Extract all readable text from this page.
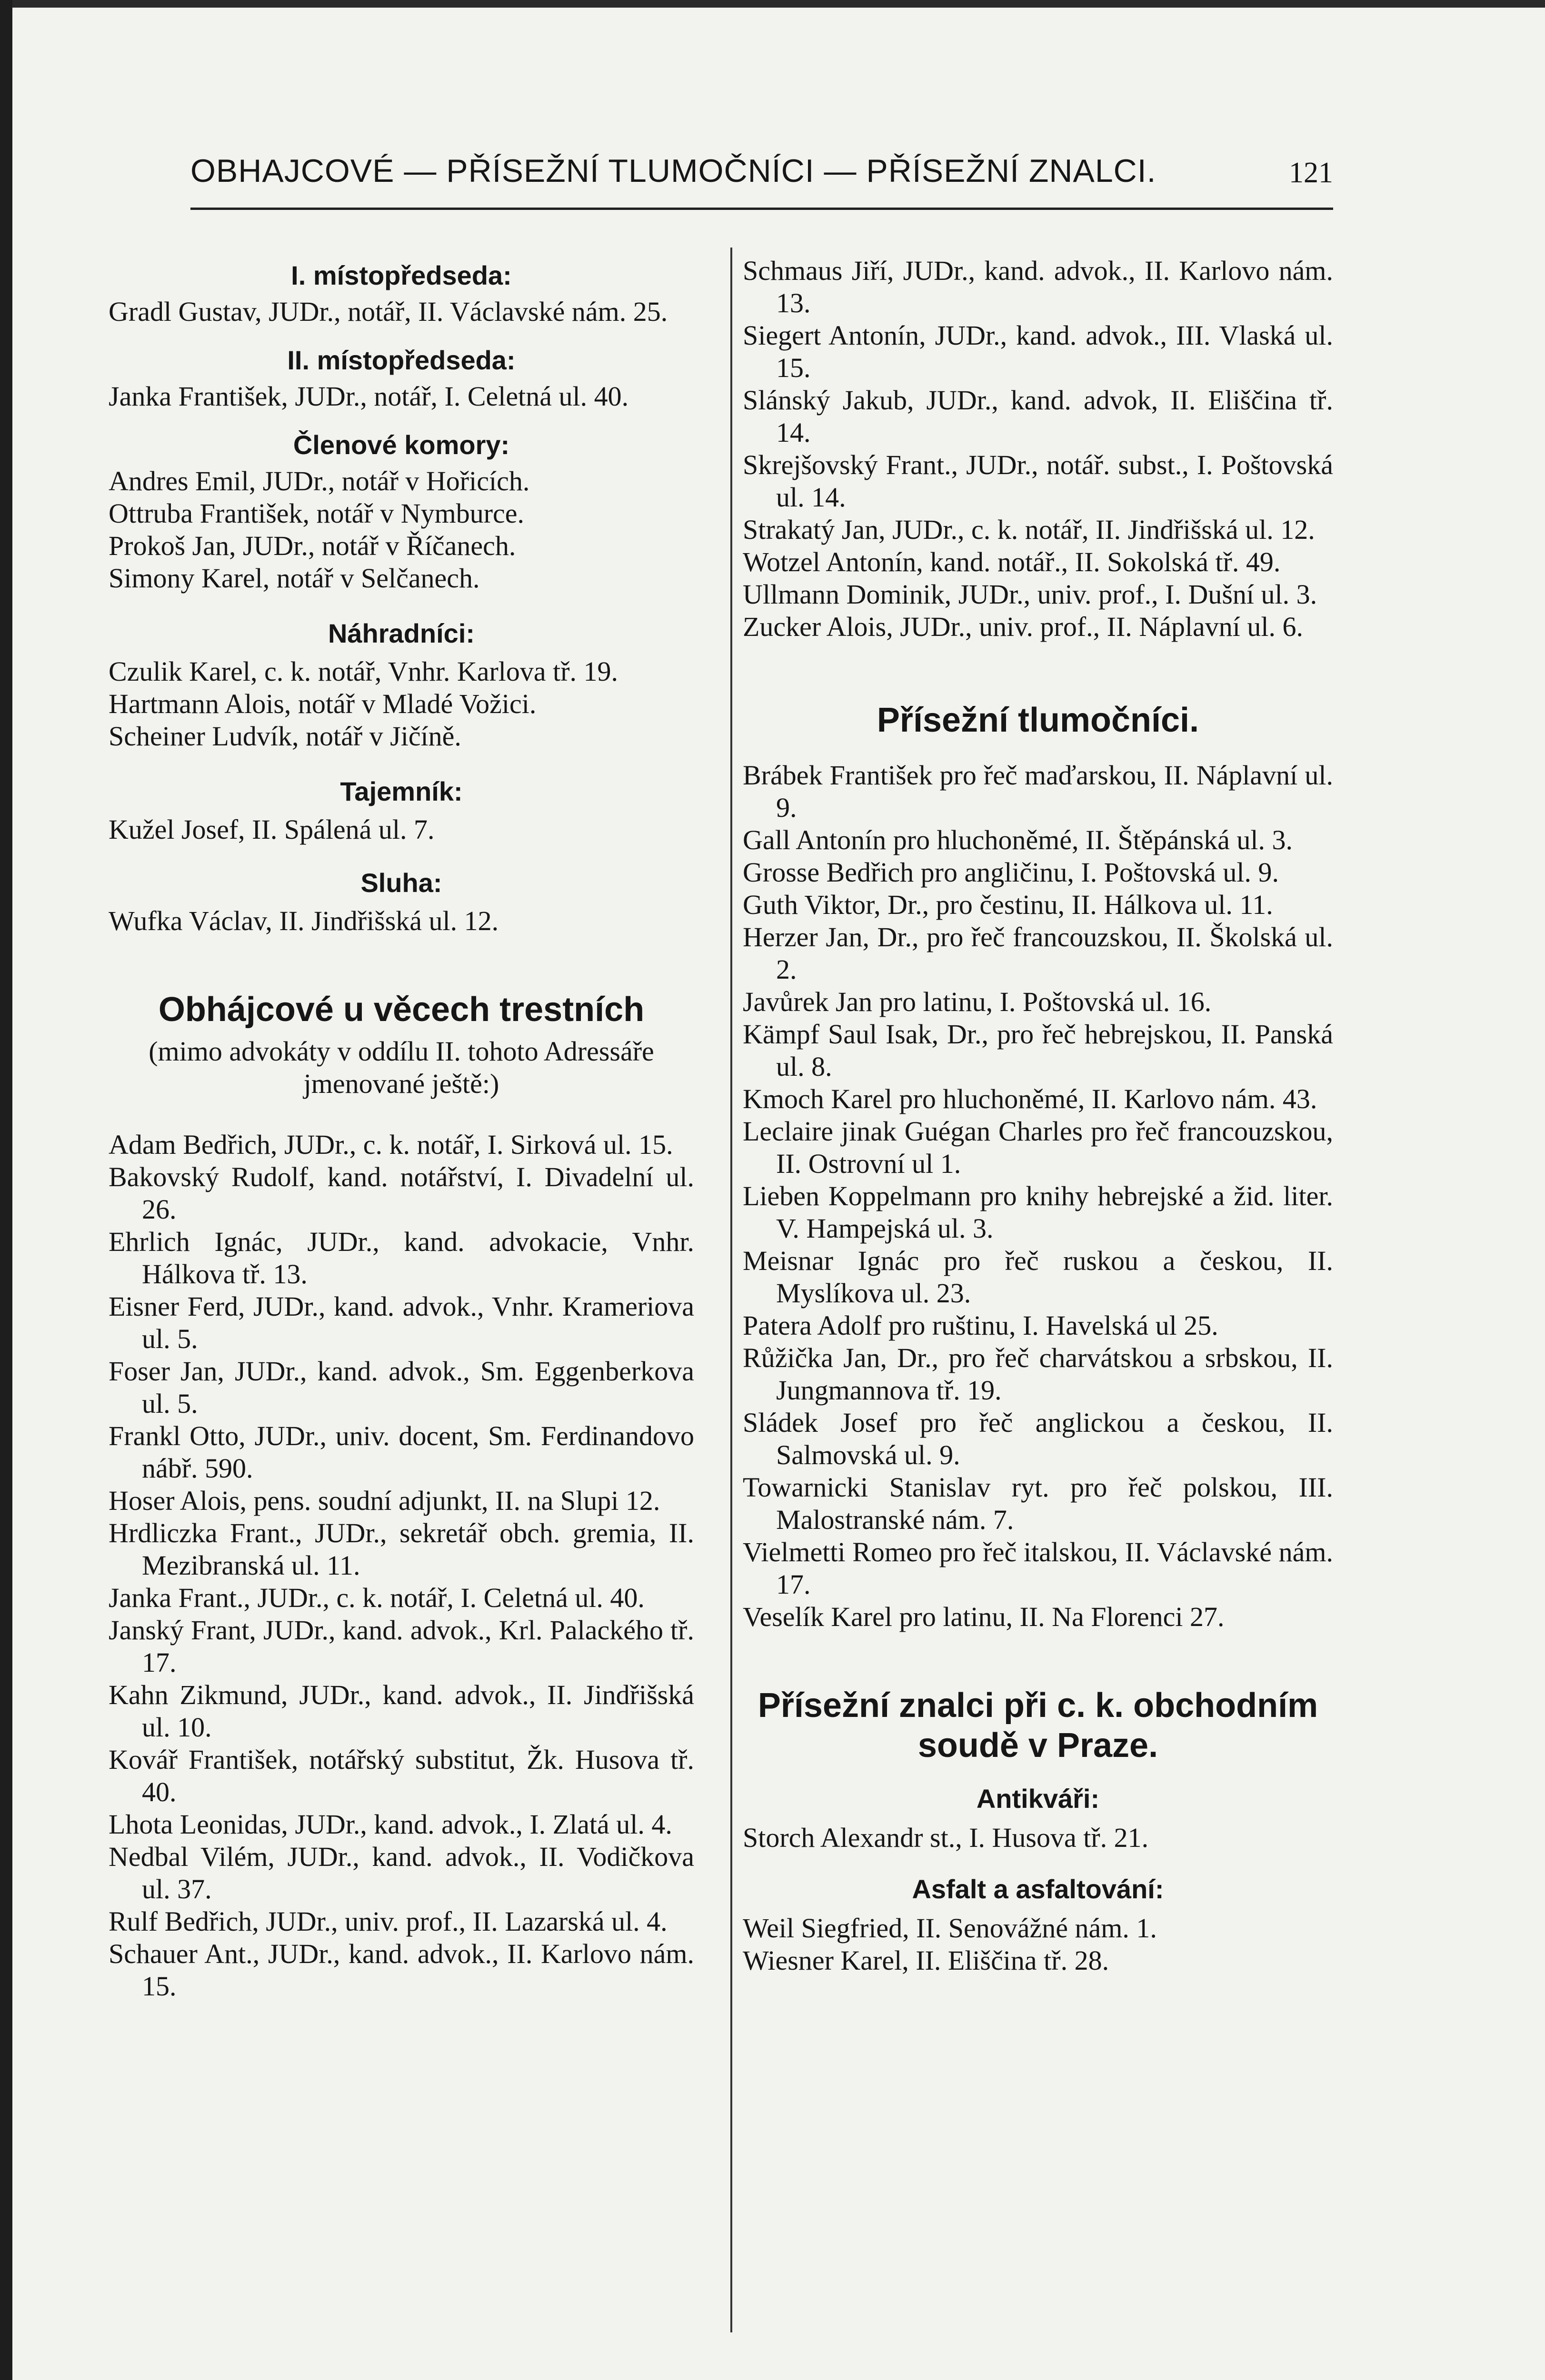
OBHAJCOVÉ — PŘÍSEŽNÍ TLUMOČNÍCI — PŘÍSEŽNÍ ZNALCI.	121

I. místopředseda:

Gradl Gustav, JUDr., notář, II. Václavské nám. 25.

II. místopředseda:

Janka František, JUDr., notář, I. Celetná ul. 40.

Členové komory:

Andres Emil, JUDr., notář v Hořicích.

Ottruba František, notář v Nymburce.

Prokoš Jan, JUDr., notář v Říčanech.

Simony Karel, notář v Selčanech.

Náhradníci:

Czulik Karel, c. k. notář, Vnhr. Karlova tř. 19.

Hartmann Alois, notář v Mladé Vožici.

Scheiner Ludvík, notář v Jičíně.

Tajemník:

Kužel Josef, II. Spálená ul. 7.

Sluha:

Wufka Václav, II. Jindřišská ul. 12.

Obhájcové u věcech trestních

(mimo advokáty v oddílu II. tohoto Adressáře jmenované ještě:)

Adam Bedřich, JUDr., c. k. notář, I. Sirková ul. 15.

Bakovský Rudolf, kand. notářství, I. Divadelní ul. 26.

Ehrlich Ignác, JUDr., kand. advokacie, Vnhr. Hálkova tř. 13.

Eisner Ferd, JUDr., kand. advok., Vnhr. Krameriova ul. 5.

Foser Jan, JUDr., kand. advok., Sm. Eggenberkova ul. 5.

Frankl Otto, JUDr., univ. docent, Sm. Ferdinandovo nábř. 590.

Hoser Alois, pens. soudní adjunkt, II. na Slupi 12.

Hrdliczka Frant., JUDr., sekretář obch. gremia, II. Mezibranská ul. 11.

Janka Frant., JUDr., c. k. notář, I. Celetná ul. 40.

Janský Frant, JUDr., kand. advok., Krl. Palackého tř. 17.

Kahn Zikmund, JUDr., kand. advok., II. Jindřišská ul. 10.

Kovář František, notářský substitut, Žk. Husova tř. 40.

Lhota Leonidas, JUDr., kand. advok., I. Zlatá ul. 4.

Nedbal Vilém, JUDr., kand. advok., II. Vodičkova ul. 37.

Rulf Bedřich, JUDr., univ. prof., II. Lazarská ul. 4.

Schauer Ant., JUDr., kand. advok., II. Karlovo nám. 15.

Schmaus Jiří, JUDr., kand. advok., II. Karlovo nám. 13.

Siegert Antonín, JUDr., kand. advok., III. Vlaská ul. 15.

Slánský Jakub, JUDr., kand. advok, II. Eliščina tř. 14.

Skrejšovský Frant., JUDr., notář. subst., I. Poštovská ul. 14.

Strakatý Jan, JUDr., c. k. notář, II. Jindřišská ul. 12.

Wotzel Antonín, kand. notář., II. Sokolská tř. 49.

Ullmann Dominik, JUDr., univ. prof., I. Dušní ul. 3.

Zucker Alois, JUDr., univ. prof., II. Náplavní ul. 6.

Přísežní tlumočníci.

Brábek František pro řeč maďarskou, II. Náplavní ul. 9.

Gall Antonín pro hluchoněmé, II. Štěpánská ul. 3.

Grosse Bedřich pro angličinu, I. Poštovská ul. 9.

Guth Viktor, Dr., pro čestinu, II. Hálkova ul. 11.

Herzer Jan, Dr., pro řeč francouzskou, II. Školská ul. 2.

Javůrek Jan pro latinu, I. Poštovská ul. 16.

Kämpf Saul Isak, Dr., pro řeč hebrejskou, II. Panská ul. 8.

Kmoch Karel pro hluchoněmé, II. Karlovo nám. 43.

Leclaire jinak Guégan Charles pro řeč francouzskou, II. Ostrovní ul 1.

Lieben Koppelmann pro knihy hebrejské a žid. liter. V. Hampejská ul. 3.

Meisnar Ignác pro řeč ruskou a českou, II. Myslíkova ul. 23.

Patera Adolf pro ruštinu, I. Havelská ul 25.

Růžička Jan, Dr., pro řeč charvátskou a srbskou, II. Jungmannova tř. 19.

Sládek Josef pro řeč anglickou a českou, II. Salmovská ul. 9.

Towarnicki Stanislav ryt. pro řeč polskou, III. Malostranské nám. 7.

Vielmetti Romeo pro řeč italskou, II. Václavské nám. 17.

Veselík Karel pro latinu, II. Na Florenci 27.

Přísežní znalci při c. k. obchodním soudě v Praze.

Antikváři:

Storch Alexandr st., I. Husova tř. 21.

Asfalt a asfaltování:

Weil Siegfried, II. Senovážné nám. 1.

Wiesner Karel, II. Eliščina tř. 28.
